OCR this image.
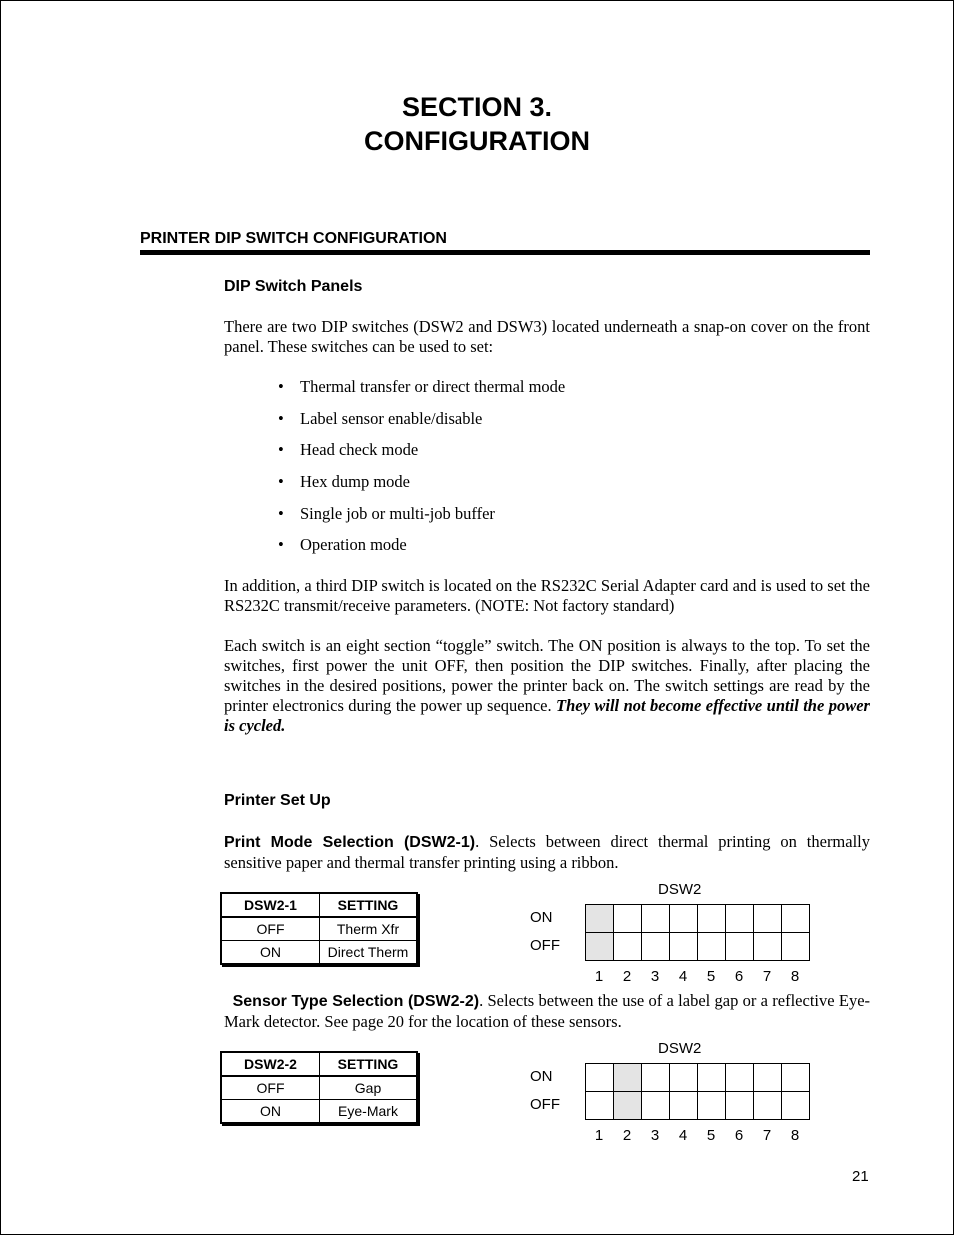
SECTION 3.
CONFIGURATION
PRINTER DIP SWITCH CONFIGURATION
DIP Switch Panels
There are two DIP switches (DSW2 and DSW3) located underneath a snap-on cover on the front panel. These switches can be used to set:
• Thermal transfer or direct thermal mode
• Label sensor enable/disable
• Head check mode
• Hex dump mode
• Single job or multi-job buffer
• Operation mode
In addition, a third DIP switch is located on the RS232C Serial Adapter card and is used to set the RS232C transmit/receive parameters. (NOTE: Not factory standard)
Each switch is an eight section “toggle” switch. The ON position is always to the top. To set the switches, first power the unit OFF, then position the DIP switches. Finally, after placing the switches in the desired positions, power the printer back on. The switch settings are read by the printer electronics during the power up sequence. They will not become effective until the power is cycled.
Printer Set Up
Print Mode Selection (DSW2-1). Selects between direct thermal printing on thermally sensitive paper and thermal transfer printing using a ribbon.
DSW2-1	SETTING
OFF	Therm Xfr
ON	Direct Therm
DSW2
ON
OFF

1	2	3	4	5	6	7	8
Sensor Type Selection (DSW2-2). Selects between the use of a label gap or a reflective Eye-Mark detector. See page 20 for the location of these sensors.
DSW2-2	SETTING
OFF	Gap
ON	Eye-Mark
DSW2
ON
OFF

1	2	3	4	5	6	7	8
21
